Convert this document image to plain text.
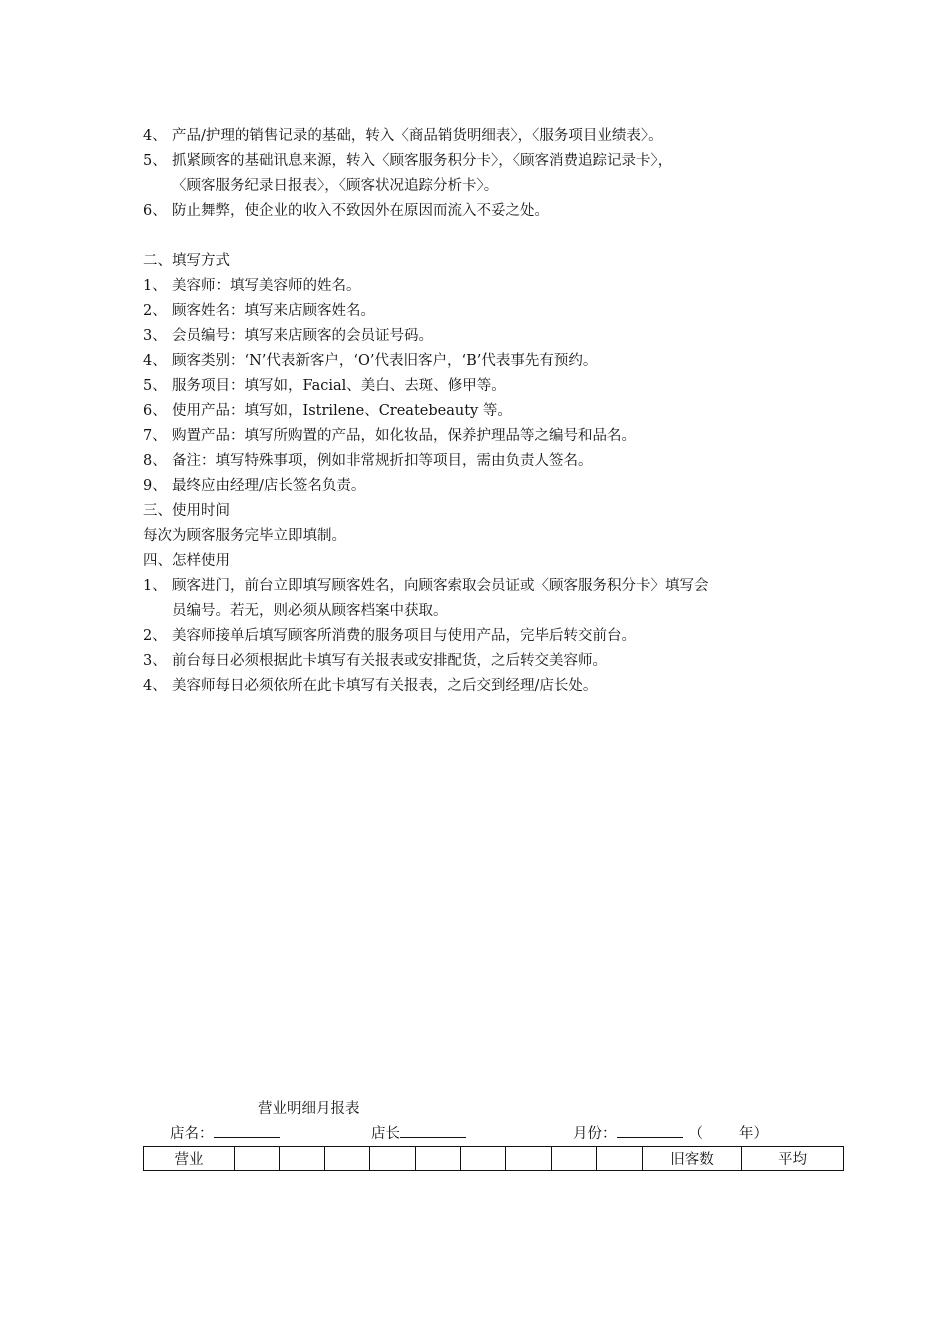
4、 产品/护理的销售记录的基础，转入〈商品销货明细表〉，〈服务项目业绩表〉。
5、 抓紧顾客的基础讯息来源，转入〈顾客服务积分卡〉，〈顾客消费追踪记录卡〉，
〈顾客服务纪录日报表〉，〈顾客状况追踪分析卡〉。
6、 防止舞弊，使企业的收入不致因外在原因而流入不妥之处。
二、填写方式
1、 美容师：填写美容师的姓名。
2、 顾客姓名：填写来店顾客姓名。
3、 会员编号：填写来店顾客的会员证号码。
4、 顾客类别：‘N’代表新客户，‘O’代表旧客户，‘B’代表事先有预约。
5、 服务项目：填写如，Facial、美白、去斑、修甲等。
6、 使用产品：填写如，Istrilene、Createbeauty 等。
7、 购置产品：填写所购置的产品，如化妆品，保养护理品等之编号和品名。
8、 备注：填写特殊事项，例如非常规折扣等项目，需由负责人签名。
9、 最终应由经理/店长签名负责。
三、使用时间
每次为顾客服务完毕立即填制。
四、怎样使用
1、 顾客进门，前台立即填写顾客姓名，向顾客索取会员证或〈顾客服务积分卡〉填写会
员编号。若无，则必须从顾客档案中获取。
2、 美容师接单后填写顾客所消费的服务项目与使用产品，完毕后转交前台。
3、 前台每日必须根据此卡填写有关报表或安排配货，之后转交美容师。
4、 美容师每日必须依所在此卡填写有关报表，之后交到经理/店长处。
营业明细月报表
店名：	店长	月份：	（ 年）
营业										旧客数	平均
